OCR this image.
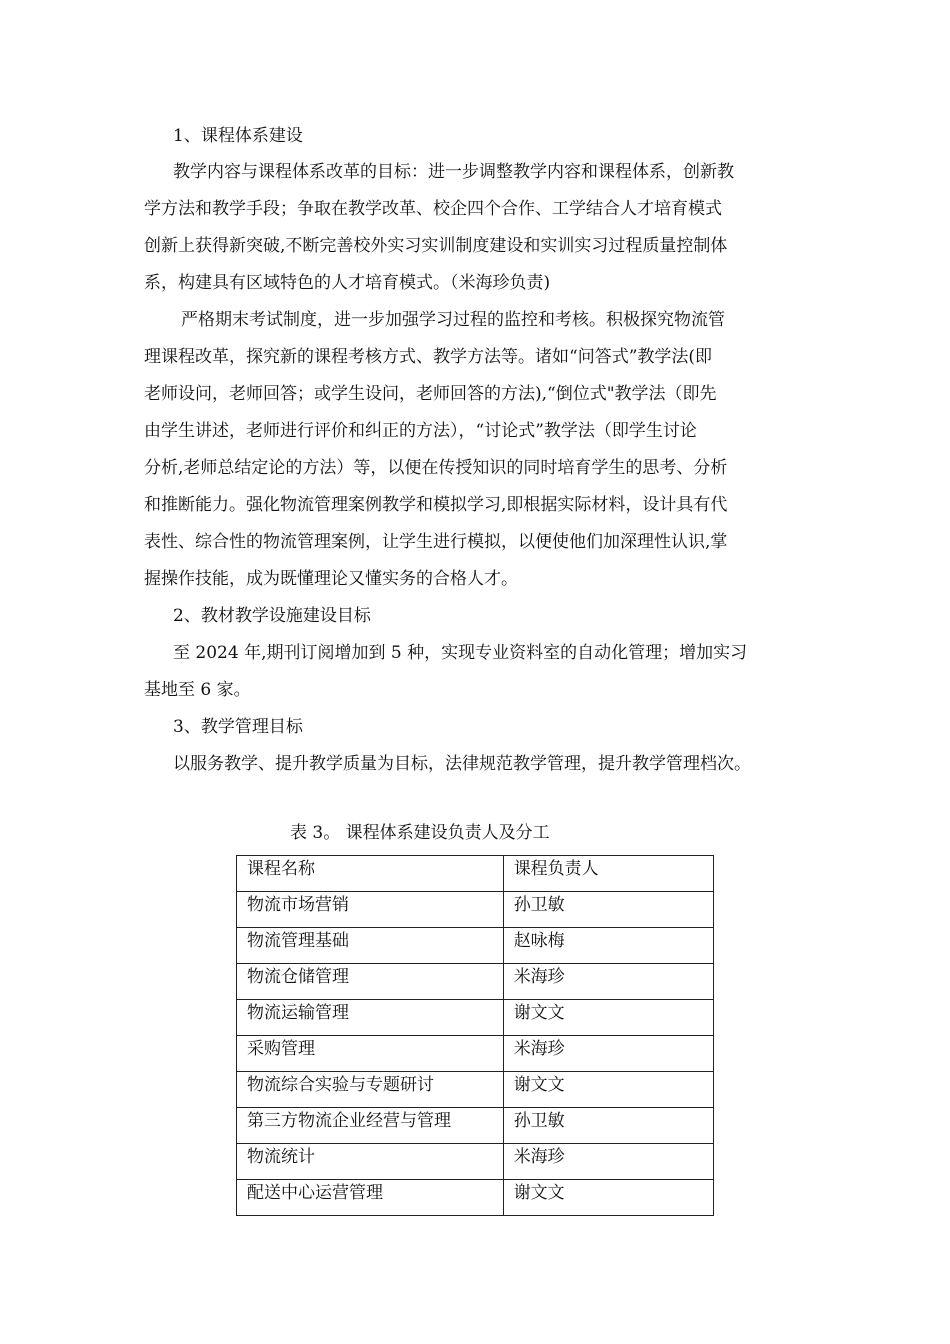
1、课程体系建设
教学内容与课程体系改革的目标：进一步调整教学内容和课程体系，创新教
学方法和教学手段；争取在教学改革、校企四个合作、工学结合人才培育模式
创新上获得新突破,不断完善校外实习实训制度建设和实训实习过程质量控制体
系，构建具有区域特色的人才培育模式。（米海珍负责)
严格期末考试制度，进一步加强学习过程的监控和考核。积极探究物流管
理课程改革，探究新的课程考核方式、教学方法等。诸如“问答式”教学法(即
老师设问，老师回答；或学生设问，老师回答的方法),“倒位式"教学法（即先
由学生讲述，老师进行评价和纠正的方法），“讨论式”教学法（即学生讨论
分析,老师总结定论的方法）等，以便在传授知识的同时培育学生的思考、分析
和推断能力。强化物流管理案例教学和模拟学习,即根据实际材料，设计具有代
表性、综合性的物流管理案例，让学生进行模拟，以便使他们加深理性认识,掌
握操作技能，成为既懂理论又懂实务的合格人才。
2、教材教学设施建设目标
至 2024 年,期刊订阅增加到 5 种，实现专业资料室的自动化管理；增加实习
基地至 6 家。
3、教学管理目标
以服务教学、提升教学质量为目标，法律规范教学管理，提升教学管理档次。
表 3。 课程体系建设负责人及分工
课程名称	课程负责人
物流市场营销	孙卫敏
物流管理基础	赵咏梅
物流仓储管理	米海珍
物流运输管理	谢文文
采购管理	米海珍
物流综合实验与专题研讨	谢文文
第三方物流企业经营与管理	孙卫敏
物流统计	米海珍
配送中心运营管理	谢文文
